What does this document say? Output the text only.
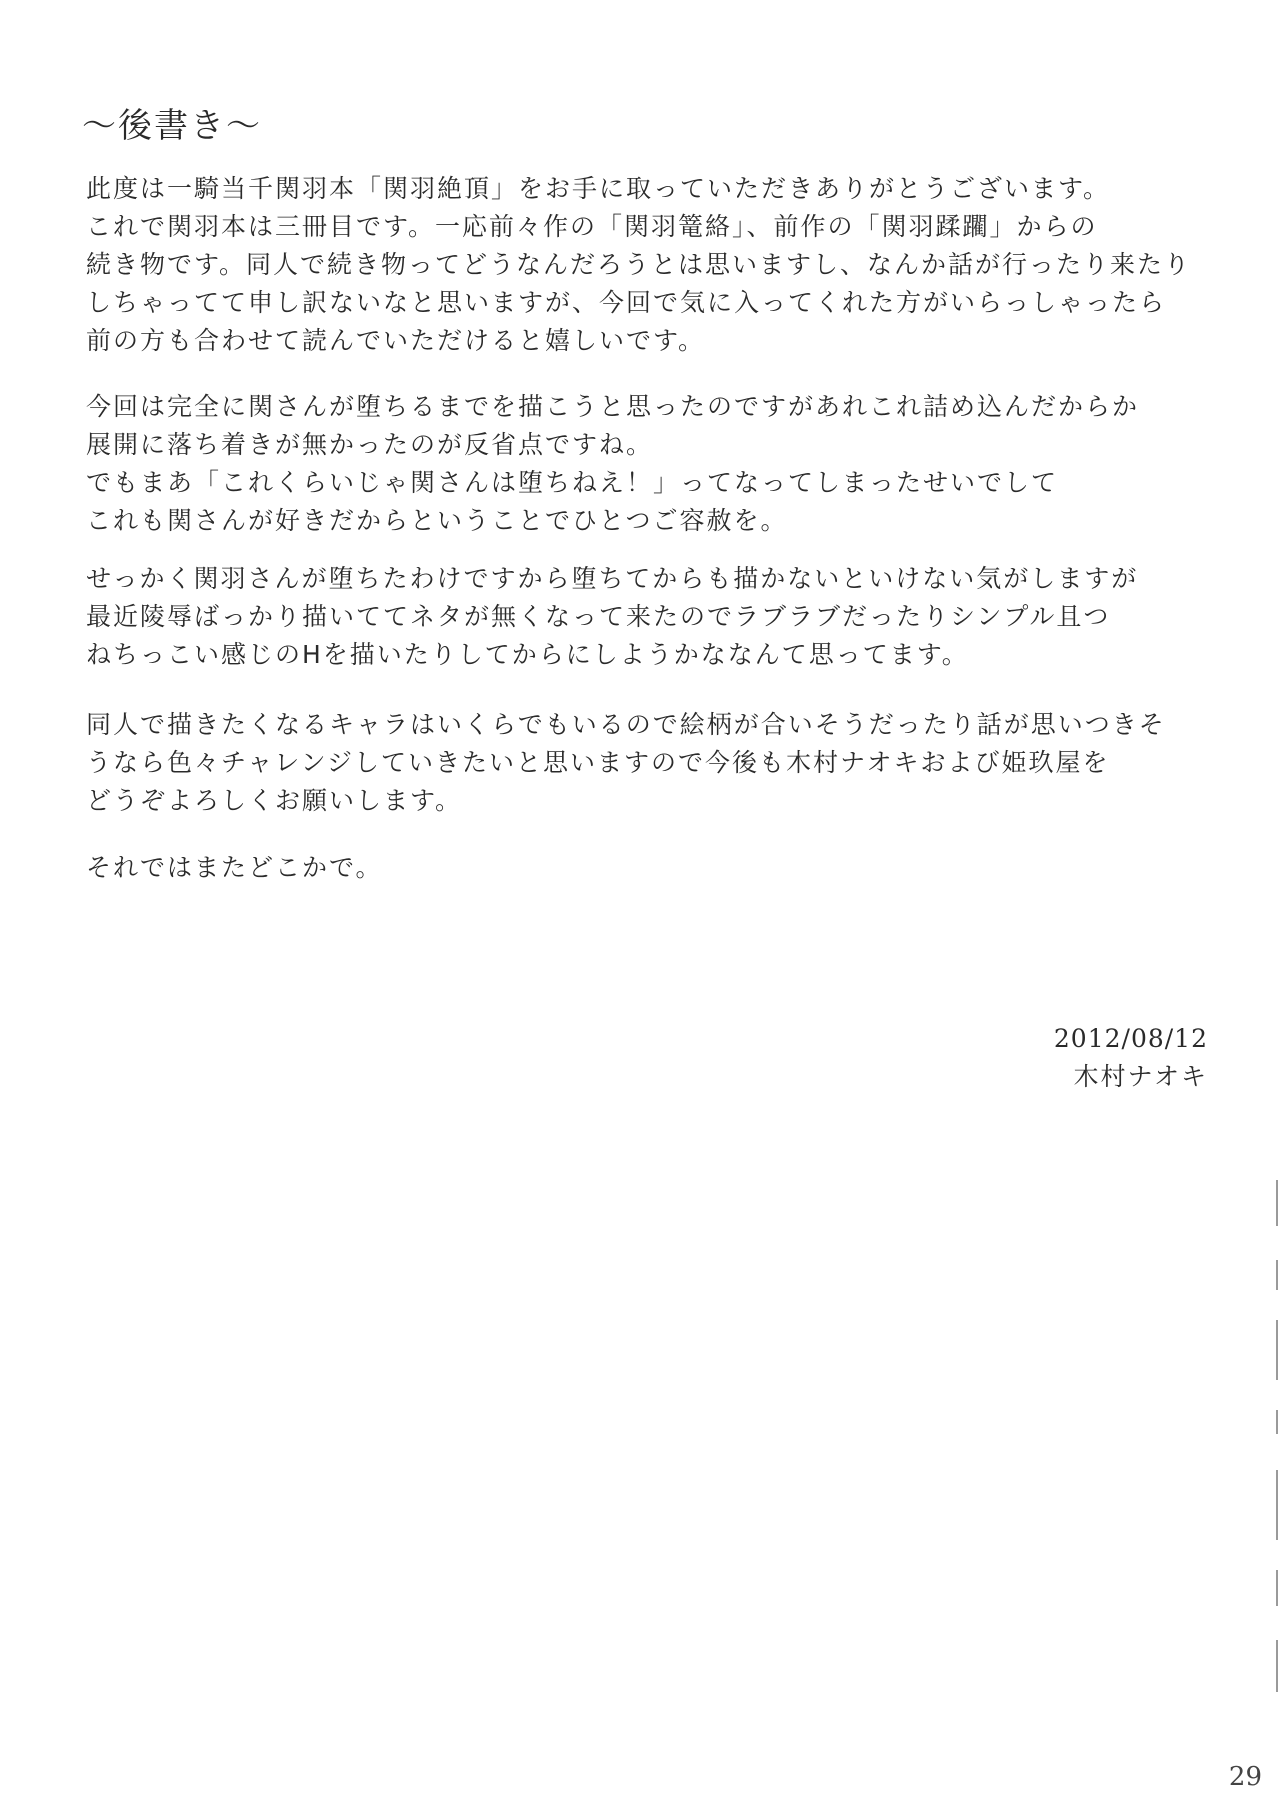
〜後書き〜
此度は一騎当千関羽本「関羽絶頂」をお手に取っていただきありがとうございます。
これで関羽本は三冊目です。一応前々作の「関羽篭絡」、前作の「関羽蹂躙」からの
続き物です。同人で続き物ってどうなんだろうとは思いますし、なんか話が行ったり来たり
しちゃってて申し訳ないなと思いますが、今回で気に入ってくれた方がいらっしゃったら
前の方も合わせて読んでいただけると嬉しいです。
今回は完全に関さんが堕ちるまでを描こうと思ったのですがあれこれ詰め込んだからか
展開に落ち着きが無かったのが反省点ですね。
でもまあ「これくらいじゃ関さんは堕ちねえ！」ってなってしまったせいでして
これも関さんが好きだからということでひとつご容赦を。
せっかく関羽さんが堕ちたわけですから堕ちてからも描かないといけない気がしますが
最近陵辱ばっかり描いててネタが無くなって来たのでラブラブだったりシンプル且つ
ねちっこい感じのHを描いたりしてからにしようかななんて思ってます。
同人で描きたくなるキャラはいくらでもいるので絵柄が合いそうだったり話が思いつきそ
うなら色々チャレンジしていきたいと思いますので今後も木村ナオキおよび姫玖屋を
どうぞよろしくお願いします。
それではまたどこかで。
2012/08/12
木村ナオキ
29
